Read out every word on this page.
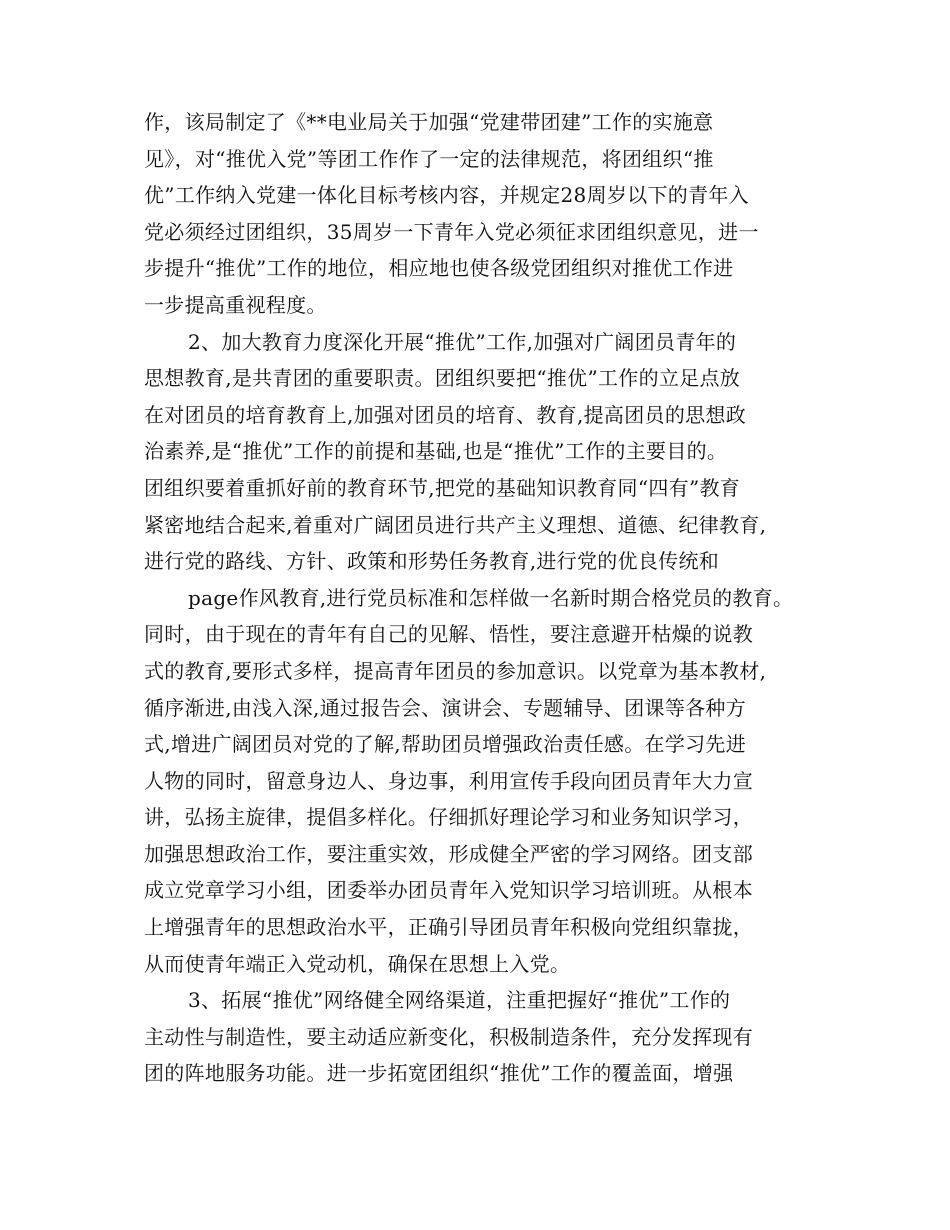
作，该局制定了《**电业局关于加强“党建带团建”工作的实施意
见》，对“推优入党”等团工作作了一定的法律规范，将团组织“推
优”工作纳入党建一体化目标考核内容，并规定28周岁以下的青年入
党必须经过团组织，35周岁一下青年入党必须征求团组织意见，进一
步提升“推优”工作的地位，相应地也使各级党团组织对推优工作进
一步提高重视程度。
2、加大教育力度深化开展“推优”工作,加强对广阔团员青年的
思想教育,是共青团的重要职责。团组织要把“推优”工作的立足点放
在对团员的培育教育上,加强对团员的培育、教育,提高团员的思想政
治素养,是“推优”工作的前提和基础,也是“推优”工作的主要目的。
团组织要着重抓好前的教育环节,把党的基础知识教育同“四有”教育
紧密地结合起来,着重对广阔团员进行共产主义理想、道德、纪律教育,
进行党的路线、方针、政策和形势任务教育,进行党的优良传统和
page作风教育,进行党员标准和怎样做一名新时期合格党员的教育。
同时，由于现在的青年有自己的见解、悟性，要注意避开枯燥的说教
式的教育,要形式多样，提高青年团员的参加意识。以党章为基本教材,
循序渐进,由浅入深,通过报告会、演讲会、专题辅导、团课等各种方
式,增进广阔团员对党的了解,帮助团员增强政治责任感。在学习先进
人物的同时，留意身边人、身边事，利用宣传手段向团员青年大力宣
讲，弘扬主旋律，提倡多样化。仔细抓好理论学习和业务知识学习，
加强思想政治工作，要注重实效，形成健全严密的学习网络。团支部
成立党章学习小组，团委举办团员青年入党知识学习培训班。从根本
上增强青年的思想政治水平，正确引导团员青年积极向党组织靠拢，
从而使青年端正入党动机，确保在思想上入党。
3、拓展“推优”网络健全网络渠道，注重把握好“推优”工作的
主动性与制造性，要主动适应新变化，积极制造条件，充分发挥现有
团的阵地服务功能。进一步拓宽团组织“推优”工作的覆盖面，增强
